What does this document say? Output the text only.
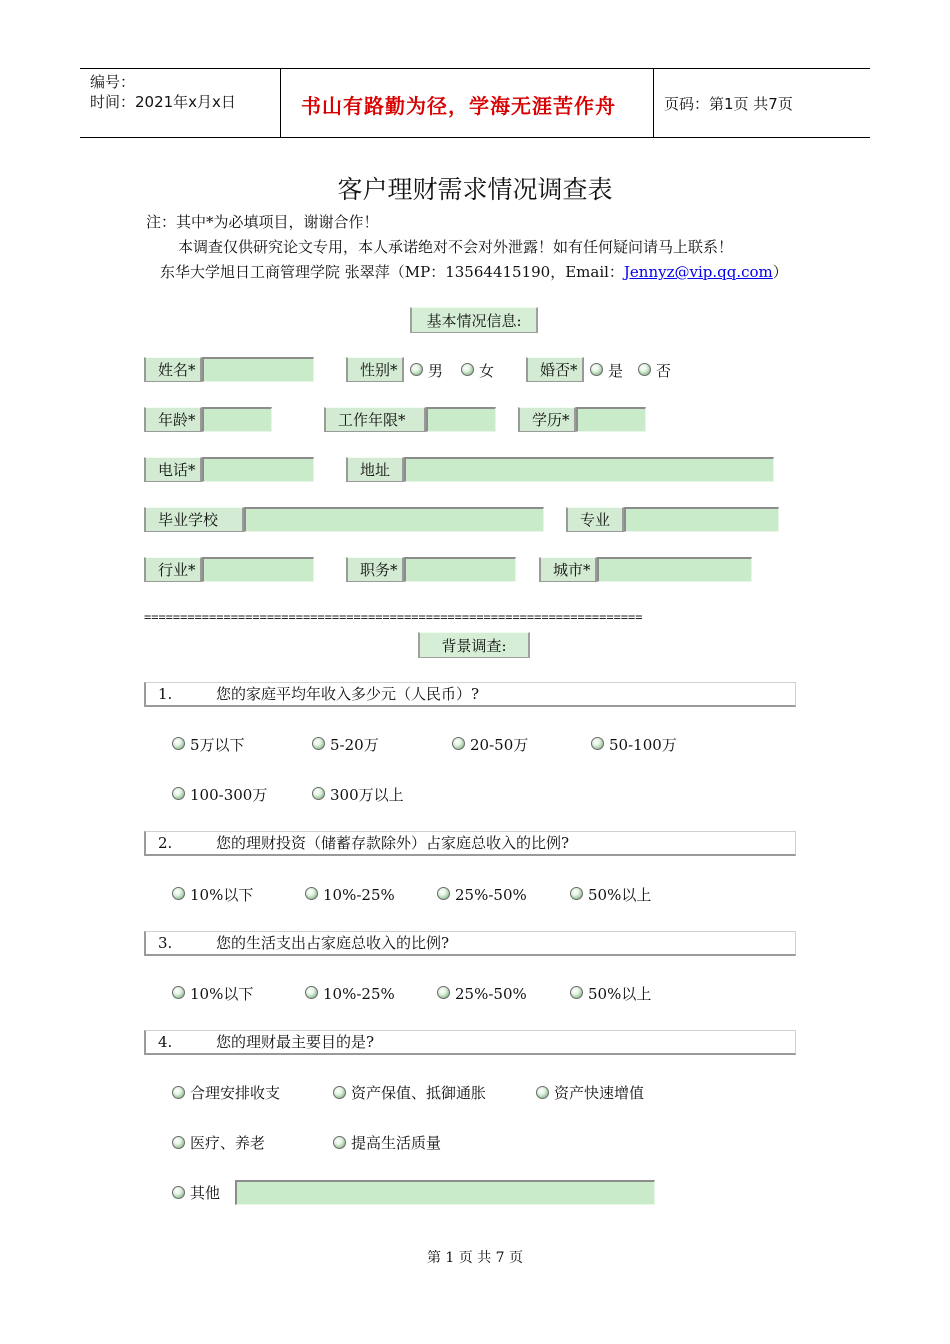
编号：
时间：2021年x月x日	书山有路勤为径，学海无涯苦作舟	页码：第1页 共7页
客户理财需求情况调查表
注：其中*为必填项目，谢谢合作！
本调查仅供研究论文专用，本人承诺绝对不会对外泄露！如有任何疑问请马上联系！
东华大学旭日工商管理学院 张翠萍（MP：13564415190，Email：Jennyz@vip.qq.com）
基本情况信息:
姓名*	性别*	男 女	婚否*	是 否
年龄*	工作年限*	学历*
电话*	地址
毕业学校	专业
行业*	职务*	城市*
=====================================================================
背景调查:
1.	您的家庭平均年收入多少元（人民币）?
5万以下	5-20万	20-50万	50-100万
100-300万	300万以上
2.	您的理财投资（储蓄存款除外）占家庭总收入的比例?
10%以下	10%-25%	25%-50%	50%以上
3.	您的生活支出占家庭总收入的比例?
10%以下	10%-25%	25%-50%	50%以上
4.	您的理财最主要目的是?
合理安排收支	资产保值、抵御通胀	资产快速增值
医疗、养老	提高生活质量
其他
第 1 页 共 7 页
